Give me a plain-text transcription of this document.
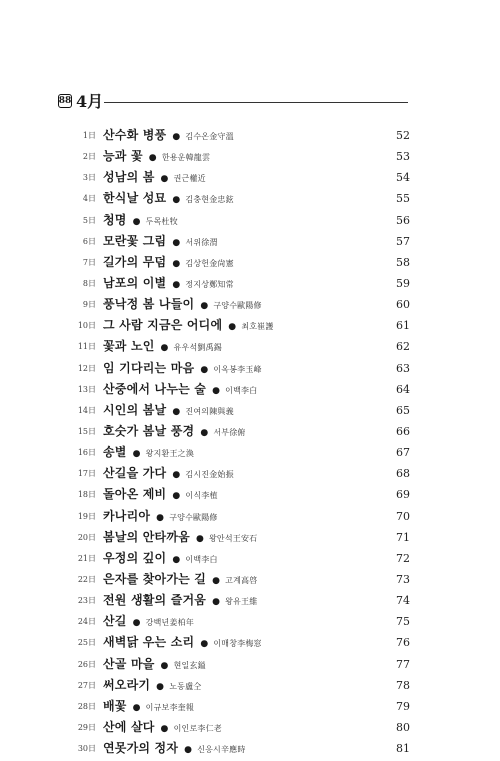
88 4月
1日 산수화 병풍 ● 김수온金守溫	52
2日 능과 꽃 ● 한용운韓龍雲	53
3日 성남의 봄 ● 권근權近	54
4日 한식날 성묘 ● 김충현金忠鉉	55
5日 청명 ● 두목杜牧	56
6日 모란꽃 그림 ● 서위徐渭	57
7日 길가의 무덤 ● 김상헌金尙憲	58
8日 남포의 이별 ● 정지상鄭知常	59
9日 풍낙정 봄 나들이 ● 구양수歐陽修	60
10日 그 사람 지금은 어디에 ● 최호崔護	61
11日 꽃과 노인 ● 유우석劉禹錫	62
12日 임 기다리는 마음 ● 이옥봉李玉峰	63
13日 산중에서 나누는 술 ● 이백李白	64
14日 시인의 봄날 ● 진여의陳與義	65
15日 호숫가 봄날 풍경 ● 서부徐俯	66
16日 송별 ● 왕지환王之渙	67
17日 산길을 가다 ● 김시진金始振	68
18日 돌아온 제비 ● 이식李植	69
19日 카나리아 ● 구양수歐陽修	70
20日 봄날의 안타까움 ● 왕안석王安石	71
21日 우정의 깊이 ● 이백李白	72
22日 은자를 찾아가는 길 ● 고계高啓	73
23日 전원 생활의 즐거움 ● 왕유王維	74
24日 산길 ● 강백년姜柏年	75
25日 새벽닭 우는 소리 ● 이매창李梅窓	76
26日 산골 마을 ● 현일玄鎰	77
27日 써오라기 ● 노동盧仝	78
28日 배꽃 ● 이규보李奎報	79
29日 산에 살다 ● 이인로李仁老	80
30日 연못가의 정자 ● 신응시辛應時	81
